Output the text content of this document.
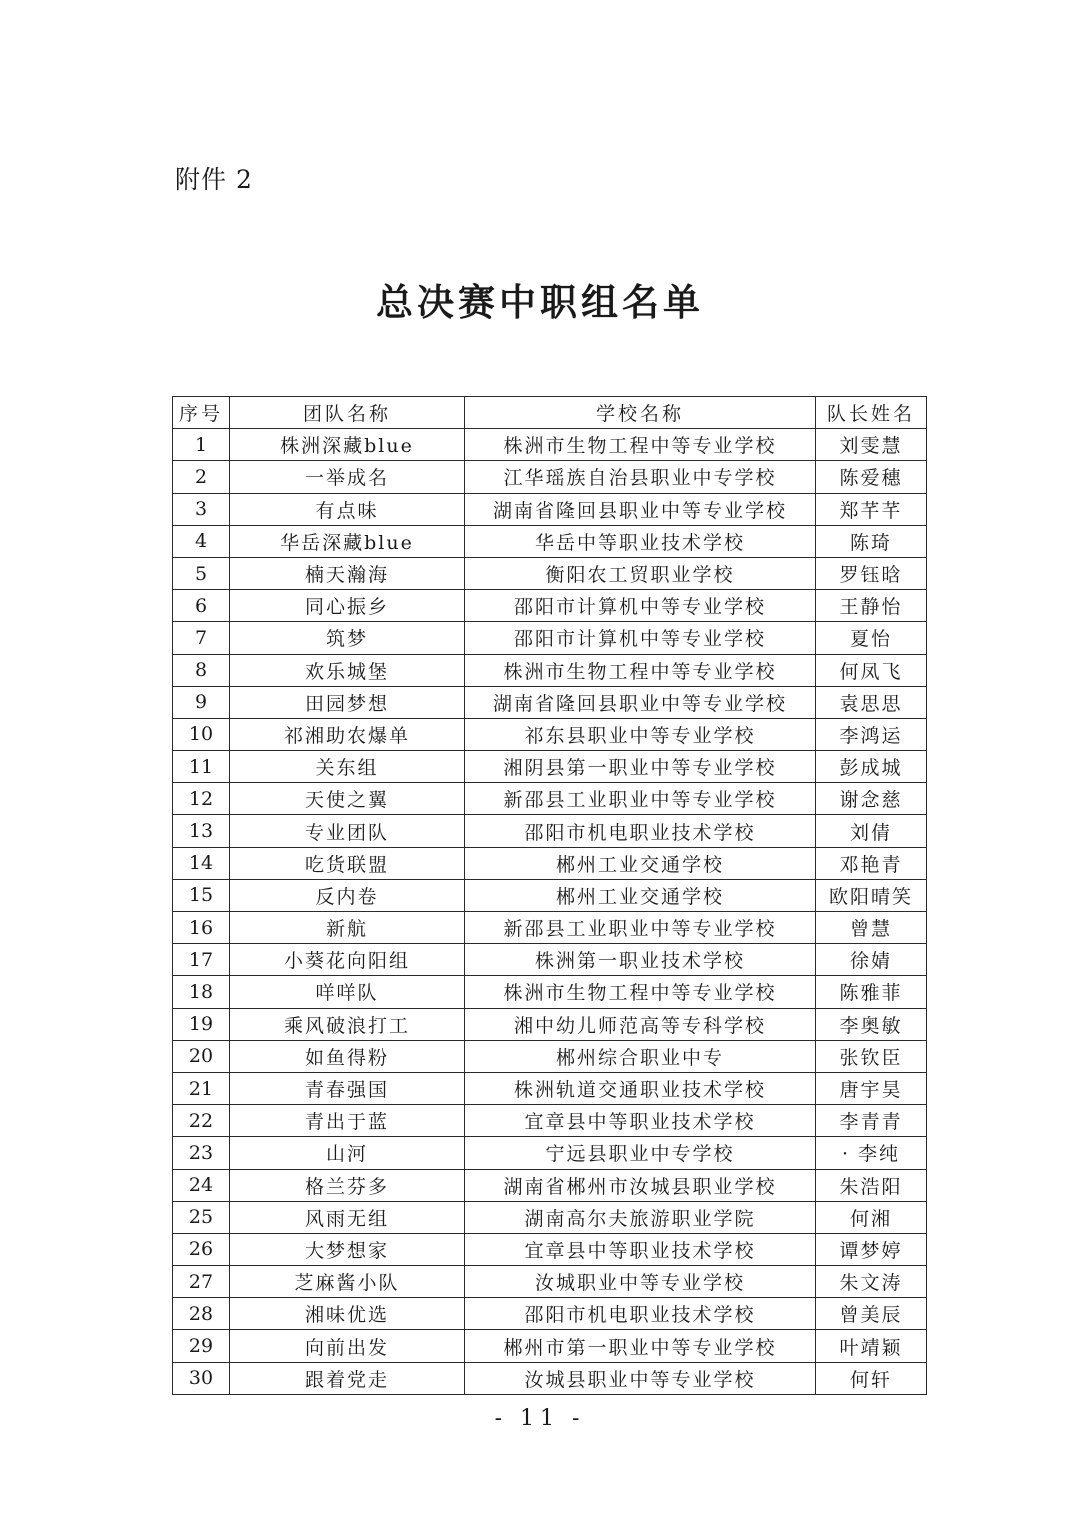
附件 2
总决赛中职组名单
序号	团队名称	学校名称	队长姓名
1	株洲深藏blue	株洲市生物工程中等专业学校	刘雯慧
2	一举成名	江华瑶族自治县职业中专学校	陈爱穗
3	有点味	湖南省隆回县职业中等专业学校	郑芊芊
4	华岳深藏blue	华岳中等职业技术学校	陈琦
5	楠天瀚海	衡阳农工贸职业学校	罗钰晗
6	同心振乡	邵阳市计算机中等专业学校	王静怡
7	筑梦	邵阳市计算机中等专业学校	夏怡
8	欢乐城堡	株洲市生物工程中等专业学校	何凤飞
9	田园梦想	湖南省隆回县职业中等专业学校	袁思思
10	祁湘助农爆单	祁东县职业中等专业学校	李鸿运
11	关东组	湘阴县第一职业中等专业学校	彭成城
12	天使之翼	新邵县工业职业中等专业学校	谢念慈
13	专业团队	邵阳市机电职业技术学校	刘倩
14	吃货联盟	郴州工业交通学校	邓艳青
15	反内卷	郴州工业交通学校	欧阳晴笑
16	新航	新邵县工业职业中等专业学校	曾慧
17	小葵花向阳组	株洲第一职业技术学校	徐婧
18	咩咩队	株洲市生物工程中等专业学校	陈雅菲
19	乘风破浪打工	湘中幼儿师范高等专科学校	李奥敏
20	如鱼得粉	郴州综合职业中专	张钦臣
21	青春强国	株洲轨道交通职业技术学校	唐宇昊
22	青出于蓝	宜章县中等职业技术学校	李青青
23	山河	宁远县职业中专学校	· 李纯
24	格兰芬多	湖南省郴州市汝城县职业学校	朱浩阳
25	风雨无组	湖南高尔夫旅游职业学院	何湘
26	大梦想家	宜章县中等职业技术学校	谭梦婷
27	芝麻酱小队	汝城职业中等专业学校	朱文涛
28	湘味优选	邵阳市机电职业技术学校	曾美辰
29	向前出发	郴州市第一职业中等专业学校	叶靖颖
30	跟着党走	汝城县职业中等专业学校	何轩
- 11 -
